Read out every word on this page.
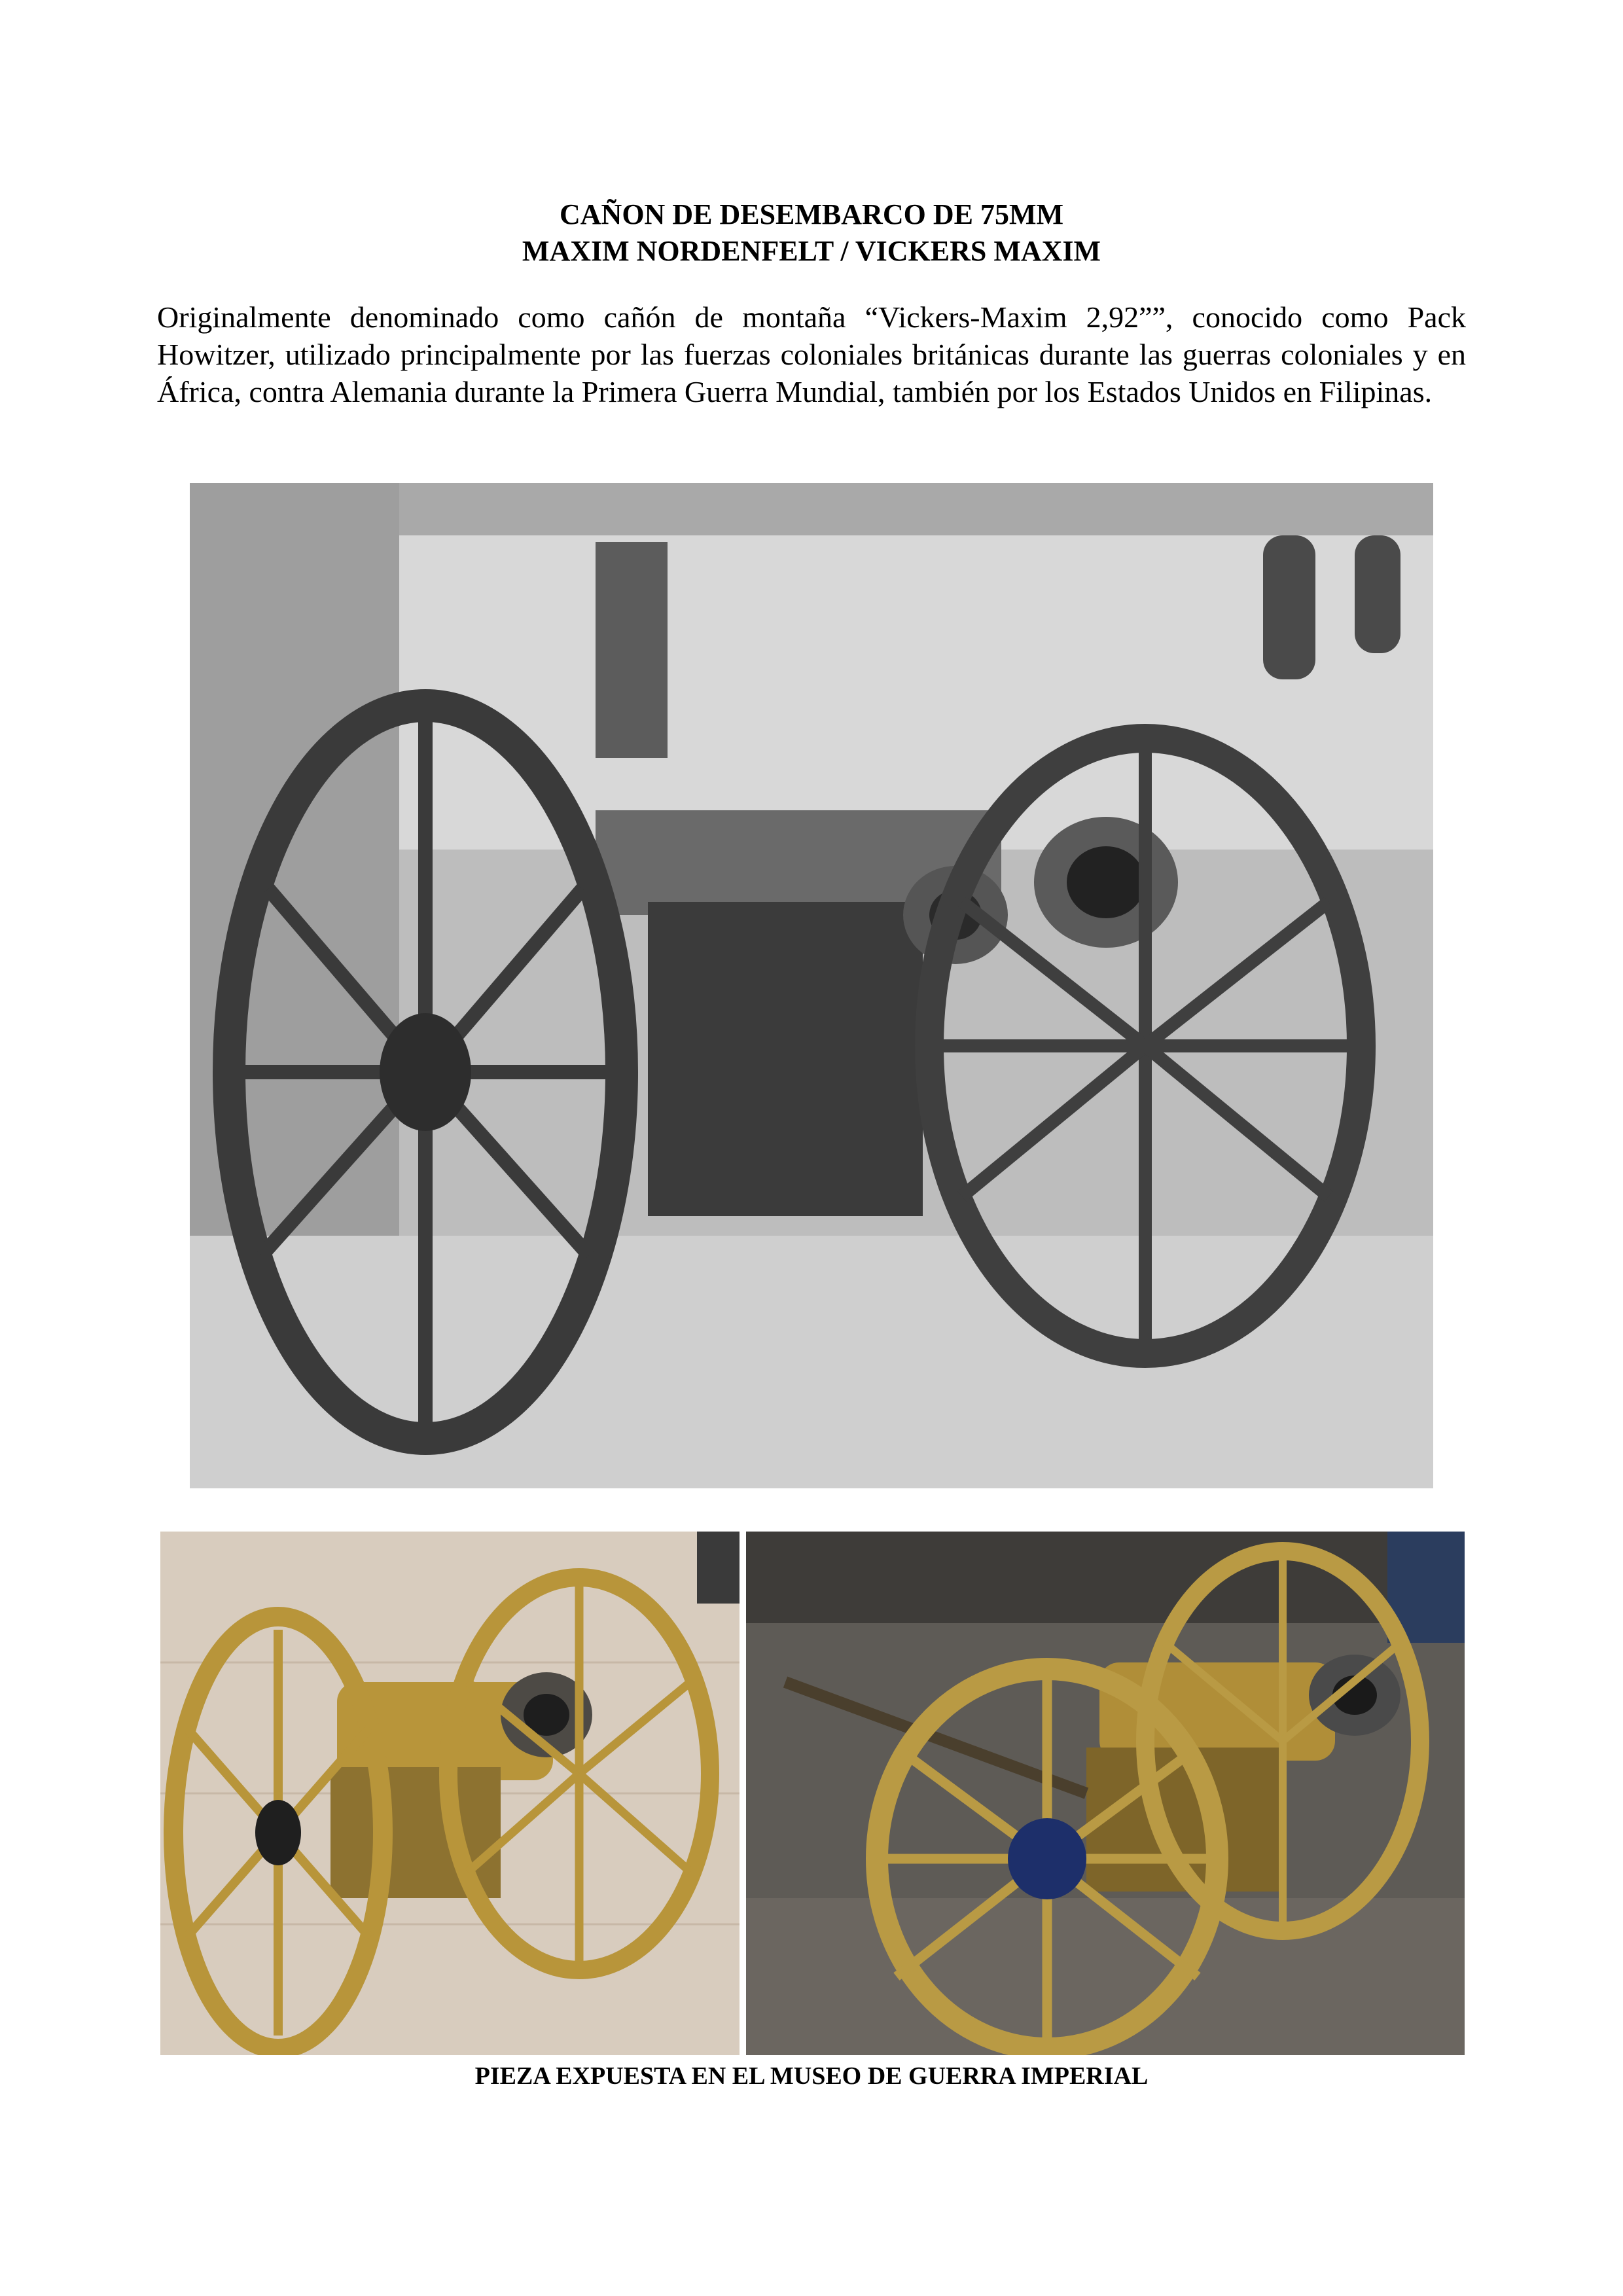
CAÑON DE DESEMBARCO DE 75MM
MAXIM NORDENFELT / VICKERS MAXIM
Originalmente denominado como cañón de montaña “Vickers-Maxim 2,92””, conocido como Pack Howitzer, utilizado principalmente por las fuerzas coloniales británicas durante las guerras coloniales y en África, contra Alemania durante la Primera Guerra Mundial, también por los Estados Unidos en Filipinas.
PIEZA EXPUESTA EN EL MUSEO DE GUERRA IMPERIAL
